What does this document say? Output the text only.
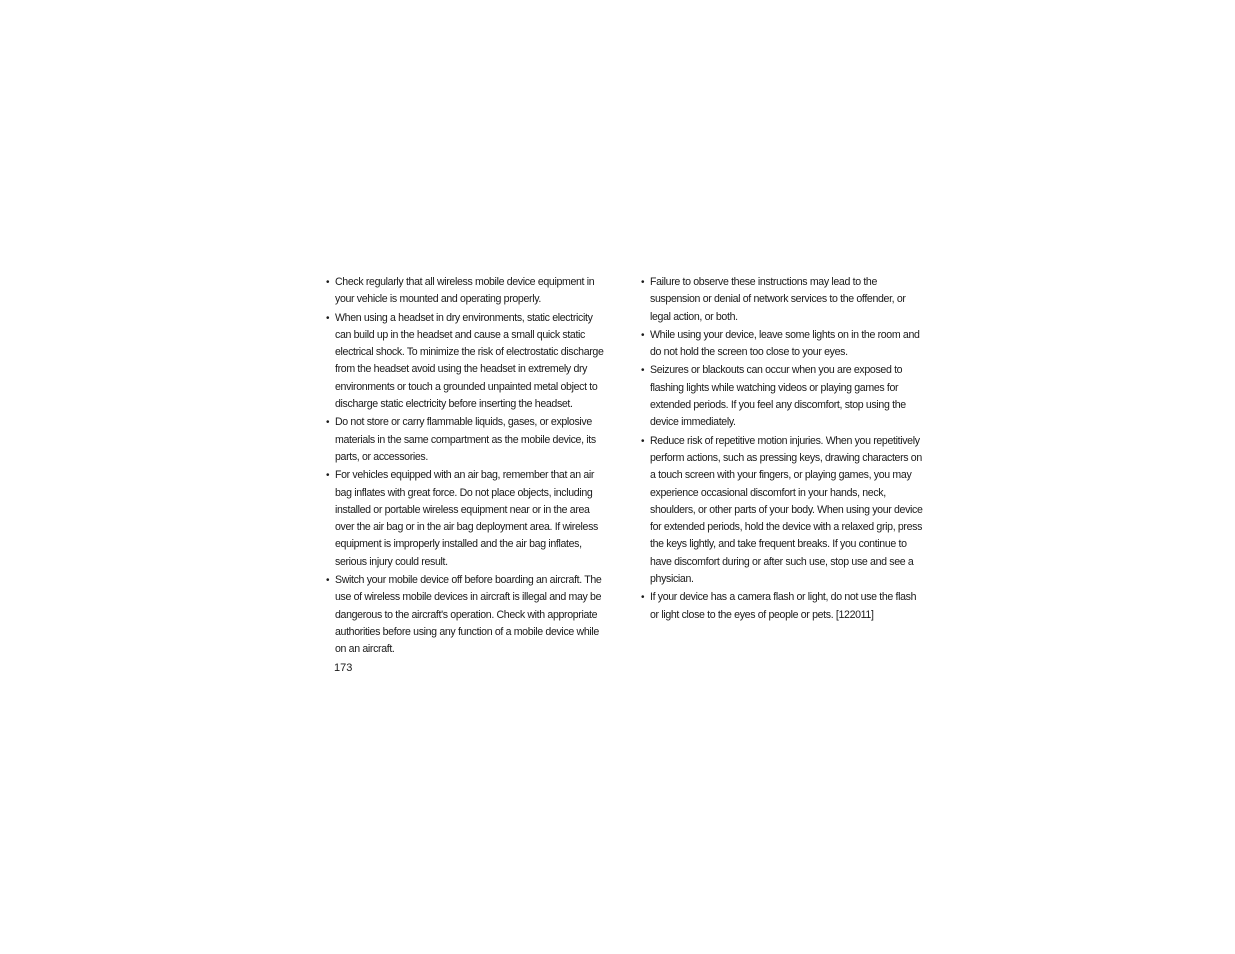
• Check regularly that all wireless mobile device equipment in your vehicle is mounted and operating properly.
• When using a headset in dry environments, static electricity can build up in the headset and cause a small quick static electrical shock. To minimize the risk of electrostatic discharge from the headset avoid using the headset in extremely dry environments or touch a grounded unpainted metal object to discharge static electricity before inserting the headset.
• Do not store or carry flammable liquids, gases, or explosive materials in the same compartment as the mobile device, its parts, or accessories.
• For vehicles equipped with an air bag, remember that an air bag inflates with great force. Do not place objects, including installed or portable wireless equipment near or in the area over the air bag or in the air bag deployment area. If wireless equipment is improperly installed and the air bag inflates, serious injury could result.
• Switch your mobile device off before boarding an aircraft. The use of wireless mobile devices in aircraft is illegal and may be dangerous to the aircraft's operation. Check with appropriate authorities before using any function of a mobile device while on an aircraft.
• Failure to observe these instructions may lead to the suspension or denial of network services to the offender, or legal action, or both.
• While using your device, leave some lights on in the room and do not hold the screen too close to your eyes.
• Seizures or blackouts can occur when you are exposed to flashing lights while watching videos or playing games for extended periods. If you feel any discomfort, stop using the device immediately.
• Reduce risk of repetitive motion injuries. When you repetitively perform actions, such as pressing keys, drawing characters on a touch screen with your fingers, or playing games, you may experience occasional discomfort in your hands, neck, shoulders, or other parts of your body. When using your device for extended periods, hold the device with a relaxed grip, press the keys lightly, and take frequent breaks. If you continue to have discomfort during or after such use, stop use and see a physician.
• If your device has a camera flash or light, do not use the flash or light close to the eyes of people or pets. [122011]
173
